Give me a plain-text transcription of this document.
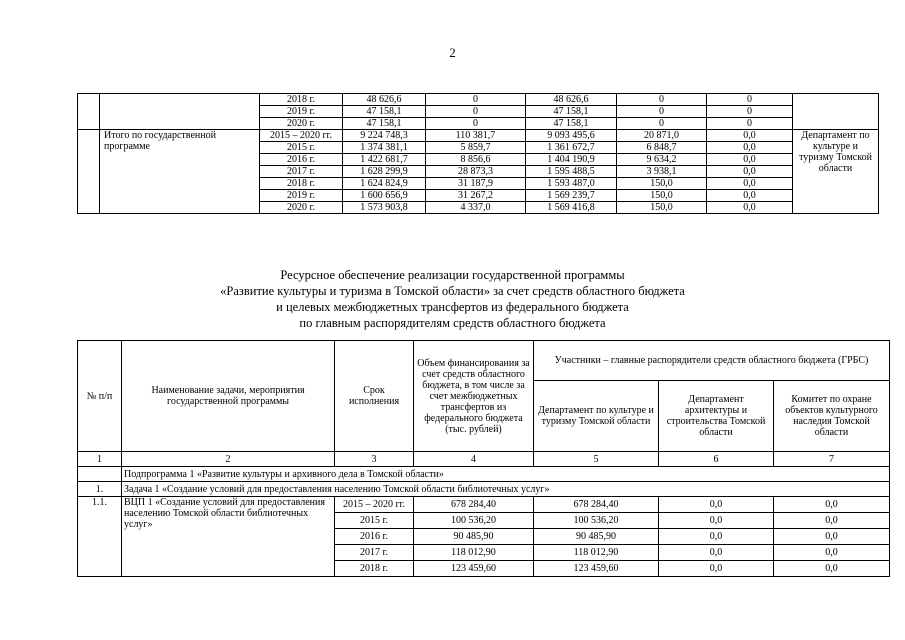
2
		2018 г.	48 626,6	0	48 626,6	0	0	
		2019 г.	47 158,1	0	47 158,1	0	0	
		2020 г.	47 158,1	0	47 158,1	0	0	
	Итого по государственной программе	2015 – 2020 гг.	9 224 748,3	110 381,7	9 093 495,6	20 871,0	0,0	Департамент по культуре и туризму Томской области
		2015 г.	1 374 381,1	5 859,7	1 361 672,7	6 848,7	0,0	
		2016 г.	1 422 681,7	8 856,6	1 404 190,9	9 634,2	0,0	
		2017 г.	1 628 299,9	28 873,3	1 595 488,5	3 938,1	0,0	
		2018 г.	1 624 824,9	31 187,9	1 593 487,0	150,0	0,0	
		2019 г.	1 600 656,9	31 267,2	1 569 239,7	150,0	0,0	
		2020 г.	1 573 903,8	4 337,0	1 569 416,8	150,0	0,0	
Ресурсное обеспечение реализации государственной программы
«Развитие культуры и туризма в Томской области» за счет средств областного бюджета
и целевых межбюджетных трансфертов из федерального бюджета
по главным распорядителям средств областного бюджета
№ п/п	Наименование задачи, мероприятия государственной программы	Срок исполнения	Объем финансирования за счет средств областного бюджета, в том числе за счет межбюджетных трансфертов из федерального бюджета (тыс. рублей)	Участники – главные распорядители средств областного бюджета (ГРБС)		
				Департамент по культуре и туризму Томской области	Департамент архитектуры и строительства Томской области	Комитет по охране объектов культурного наследия Томской области
1	2	3	4	5	6	7
	Подпрограмма 1 «Развитие культуры и архивного дела в Томской области»					
1.	Задача 1 «Создание условий для предоставления населению Томской области библиотечных услуг»					
1.1.	ВЦП 1 «Создание условий для предоставления населению Томской области библиотечных услуг»	2015 – 2020 гг.	678 284,40	678 284,40	0,0	0,0
		2015 г.	100 536,20	100 536,20	0,0	0,0
		2016 г.	90 485,90	90 485,90	0,0	0,0
		2017 г.	118 012,90	118 012,90	0,0	0,0
		2018 г.	123 459,60	123 459,60	0,0	0,0
